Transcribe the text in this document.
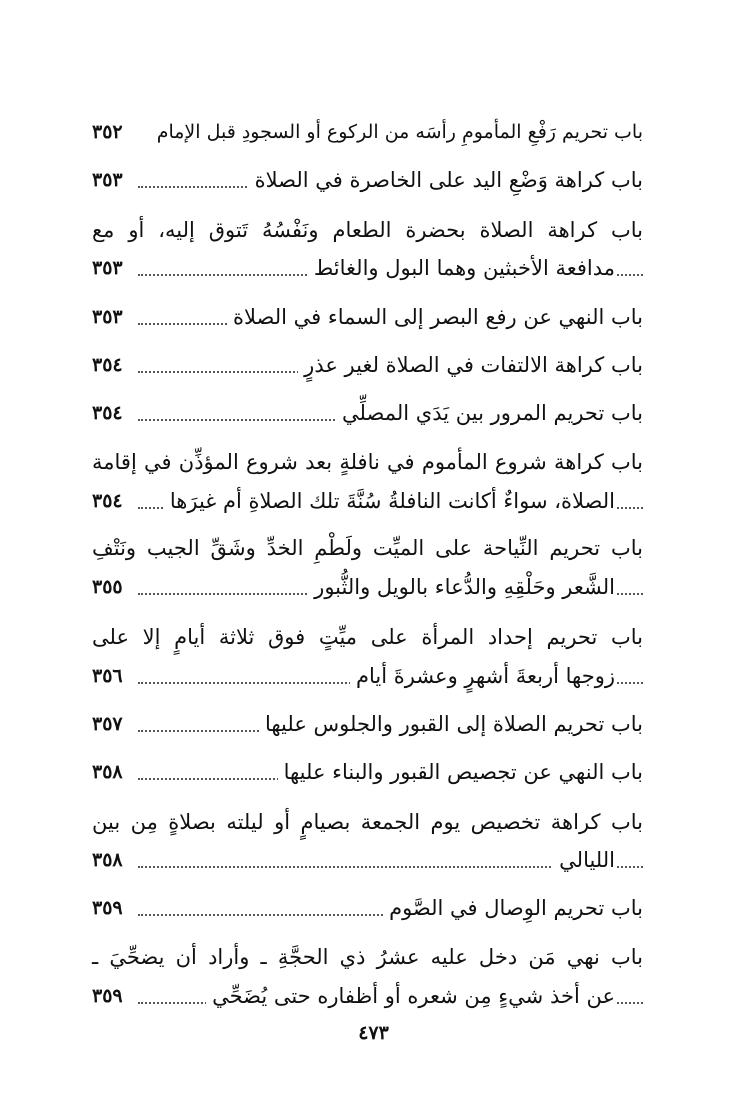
٣٥٢	باب تحريم رَفْعِ المأمومِ رأسَه من الركوع أو السجودِ قبل الإمام
٣٥٣	باب كراهة وَضْعِ اليد على الخاصرة في الصلاة
باب كراهة الصلاة بحضرة الطعام ونَفْسُهُ تَتوق إليه، أو مع
٣٥٣	مدافعة الأخبثين وهما البول والغائط
٣٥٣	باب النهي عن رفع البصر إلى السماء في الصلاة
٣٥٤	باب كراهة الالتفات في الصلاة لغير عذرٍ
٣٥٤	باب تحريم المرور بين يَدَي المصلِّي
باب كراهة شروع المأموم في نافلةٍ بعد شروع المؤذِّن في إقامة
٣٥٤	الصلاة، سواءٌ أكانت النافلةُ سُنَّةَ تلك الصلاةِ أم غيرَها
باب تحريم النِّياحة على الميِّت ولَطْمِ الخدِّ وشَقِّ الجيب ونَتْفِ
٣٥٥	الشَّعر وحَلْقِهِ والدُّعاء بالويل والثُّبور
باب تحريم إحداد المرأة على ميِّتٍ فوق ثلاثة أيامٍ إلا على
٣٥٦	زوجها أربعةَ أشهرٍ وعشرةَ أيام
٣٥٧	باب تحريم الصلاة إلى القبور والجلوس عليها
٣٥٨	باب النهي عن تجصيص القبور والبناء عليها
باب كراهة تخصيص يوم الجمعة بصيامٍ أو ليلته بصلاةٍ مِن بين
٣٥٨	الليالي
٣٥٩	باب تحريم الوِصال في الصَّوم
باب نهي مَن دخل عليه عشرُ ذي الحجَّةِ ـ وأراد أن يضحِّيَ ـ
٣٥٩	عن أخذ شيءٍ مِن شعره أو أظفاره حتى يُضَحِّي
٤٧٣
